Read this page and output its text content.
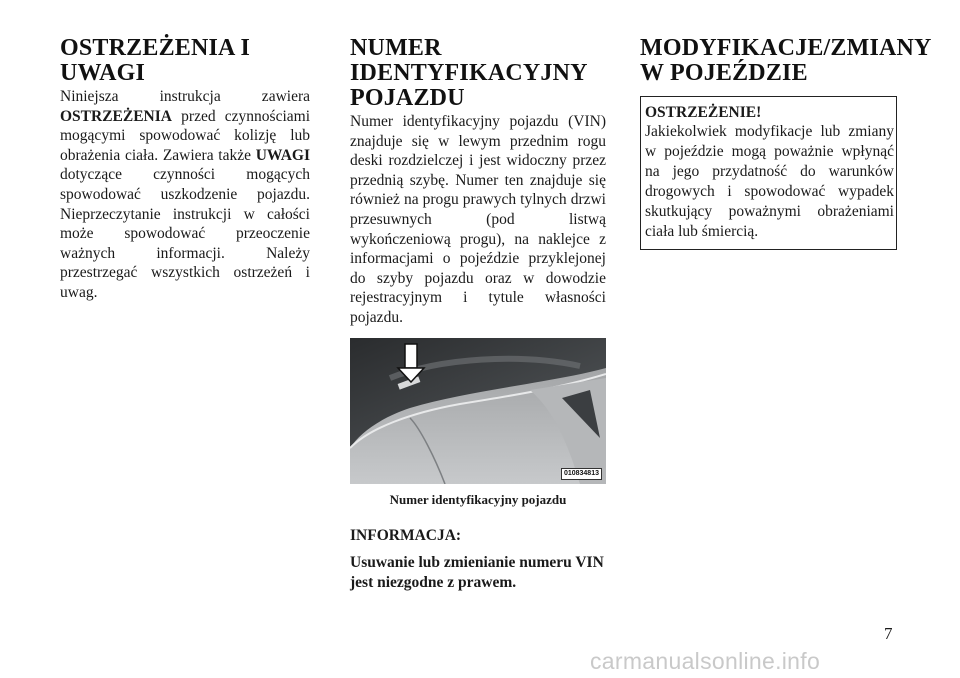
OSTRZEŻENIA I UWAGI

Niniejsza instrukcja zawiera OSTRZEŻENIA przed czynnościami mogącymi spowodować kolizję lub obrażenia ciała. Zawiera także UWAGI dotyczące czynności mogących spowodować uszkodzenie pojazdu. Nieprzeczytanie instrukcji w całości może spowodować przeoczenie ważnych informacji. Należy przestrzegać wszystkich ostrzeżeń i uwag.

NUMER IDENTYFIKACYJNY POJAZDU

Numer identyfikacyjny pojazdu (VIN) znajduje się w lewym przednim rogu deski rozdzielczej i jest widoczny przez przednią szybę. Numer ten znajduje się również na progu prawych tylnych drzwi przesuwnych (pod listwą wykończeniową progu), na naklejce z informacjami o pojeździe przyklejonej do szyby pojazdu oraz w dowodzie rejestracyjnym i tytule własności pojazdu.

010834813
Numer identyfikacyjny pojazdu
INFORMACJA:
Usuwanie lub zmienianie numeru VIN jest niezgodne z prawem.
MODYFIKACJE/ZMIANY W POJEŹDZIE
OSTRZEŻENIE!
Jakiekolwiek modyfikacje lub zmiany w pojeździe mogą poważnie wpłynąć na jego przydatność do warunków drogowych i spowodować wypadek skutkujący poważnymi obrażeniami ciała lub śmiercią.
7
carmanualsonline.info
